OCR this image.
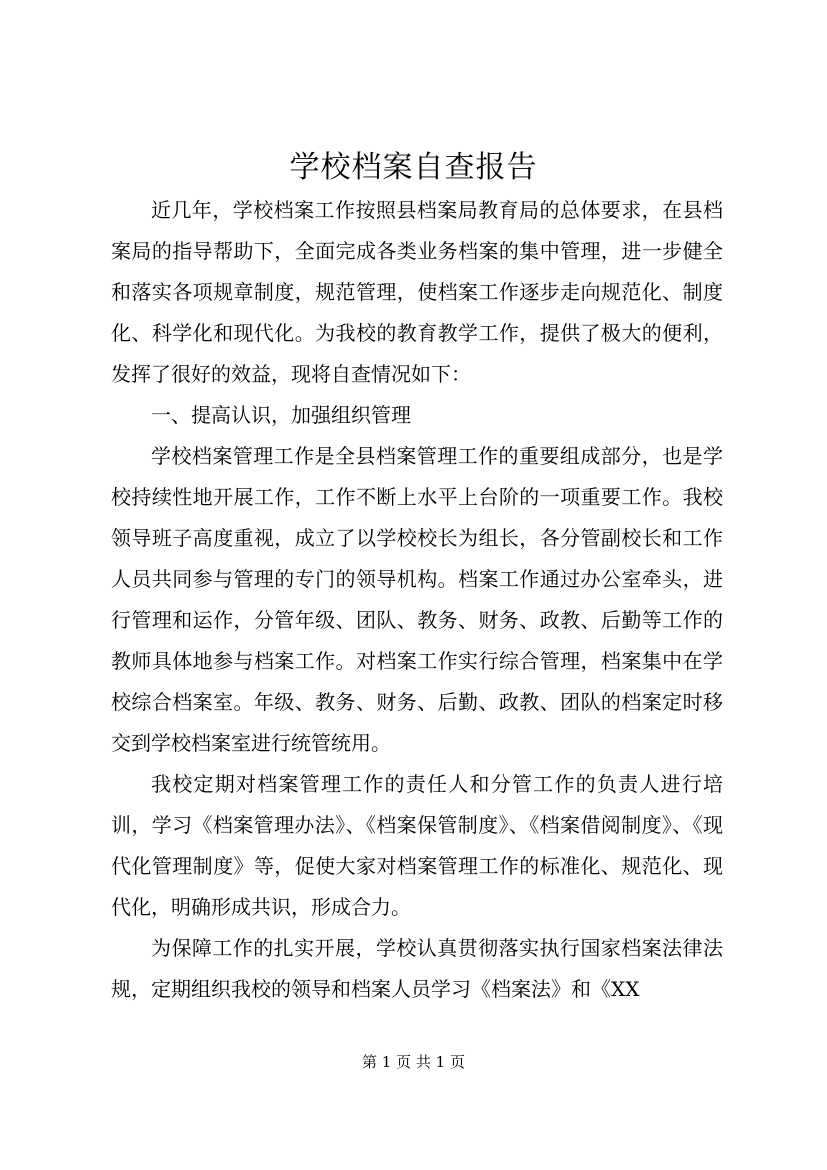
学校档案自查报告

近几年，学校档案工作按照县档案局教育局的总体要求，在县档案局的指导帮助下，全面完成各类业务档案的集中管理，进一步健全和落实各项规章制度，规范管理，使档案工作逐步走向规范化、制度化、科学化和现代化。为我校的教育教学工作，提供了极大的便利，发挥了很好的效益，现将自查情况如下：

一、提高认识，加强组织管理

学校档案管理工作是全县档案管理工作的重要组成部分，也是学校持续性地开展工作，工作不断上水平上台阶的一项重要工作。我校领导班子高度重视，成立了以学校校长为组长，各分管副校长和工作人员共同参与管理的专门的领导机构。档案工作通过办公室牵头，进行管理和运作，分管年级、团队、教务、财务、政教、后勤等工作的教师具体地参与档案工作。对档案工作实行综合管理，档案集中在学校综合档案室。年级、教务、财务、后勤、政教、团队的档案定时移交到学校档案室进行统管统用。

我校定期对档案管理工作的责任人和分管工作的负责人进行培训，学习《档案管理办法》、《档案保管制度》、《档案借阅制度》、《现代化管理制度》等，促使大家对档案管理工作的标准化、规范化、现代化，明确形成共识，形成合力。

为保障工作的扎实开展，学校认真贯彻落实执行国家档案法律法规，定期组织我校的领导和档案人员学习《档案法》和《XX

第 1 页 共 1 页
